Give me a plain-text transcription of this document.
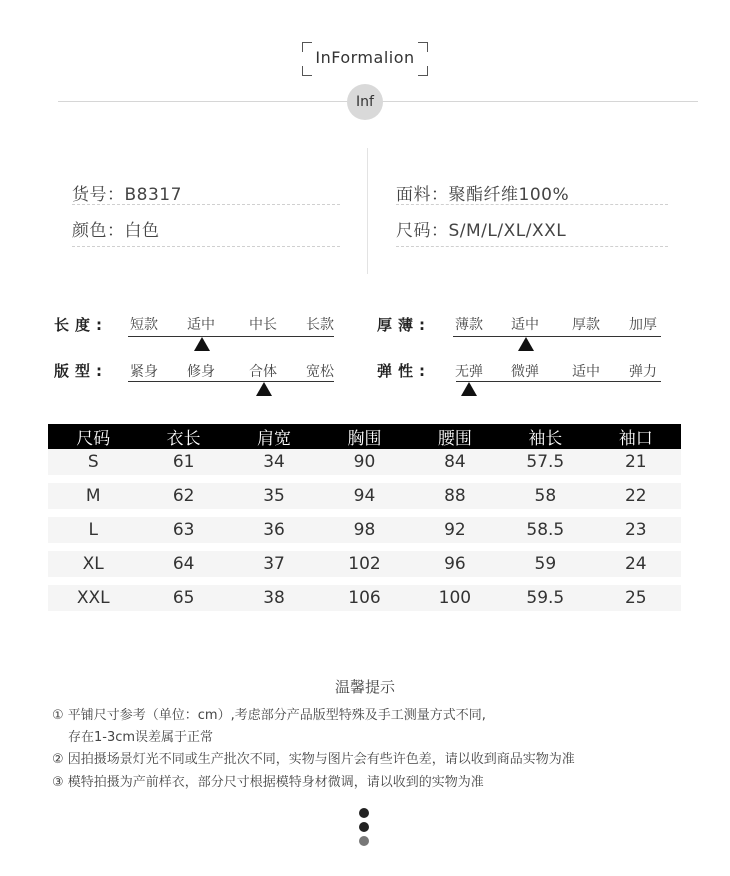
InFormalion
Inf
货号：B8317
颜色：白色
面料：聚酯纤维100%
尺码：S/M/L/XL/XXL
长度: 短款 适中 中长 长款	厚薄: 薄款 适中 厚款 加厚
版型: 紧身 修身 合体 宽松	弹性: 无弹 微弹 适中 弹力
尺码	衣长	肩宽	胸围	腰围	袖长	袖口
S	61	34	90	84	57.5	21
M	62	35	94	88	58	22
L	63	36	98	92	58.5	23
XL	64	37	102	96	59	24
XXL	65	38	106	100	59.5	25
温馨提示
① 平铺尺寸参考（单位：cm）,考虑部分产品版型特殊及手工测量方式不同,
存在1-3cm误差属于正常
② 因拍摄场景灯光不同或生产批次不同，实物与图片会有些许色差，请以收到商品实物为准
③ 模特拍摄为产前样衣，部分尺寸根据模特身材微调，请以收到的实物为准
